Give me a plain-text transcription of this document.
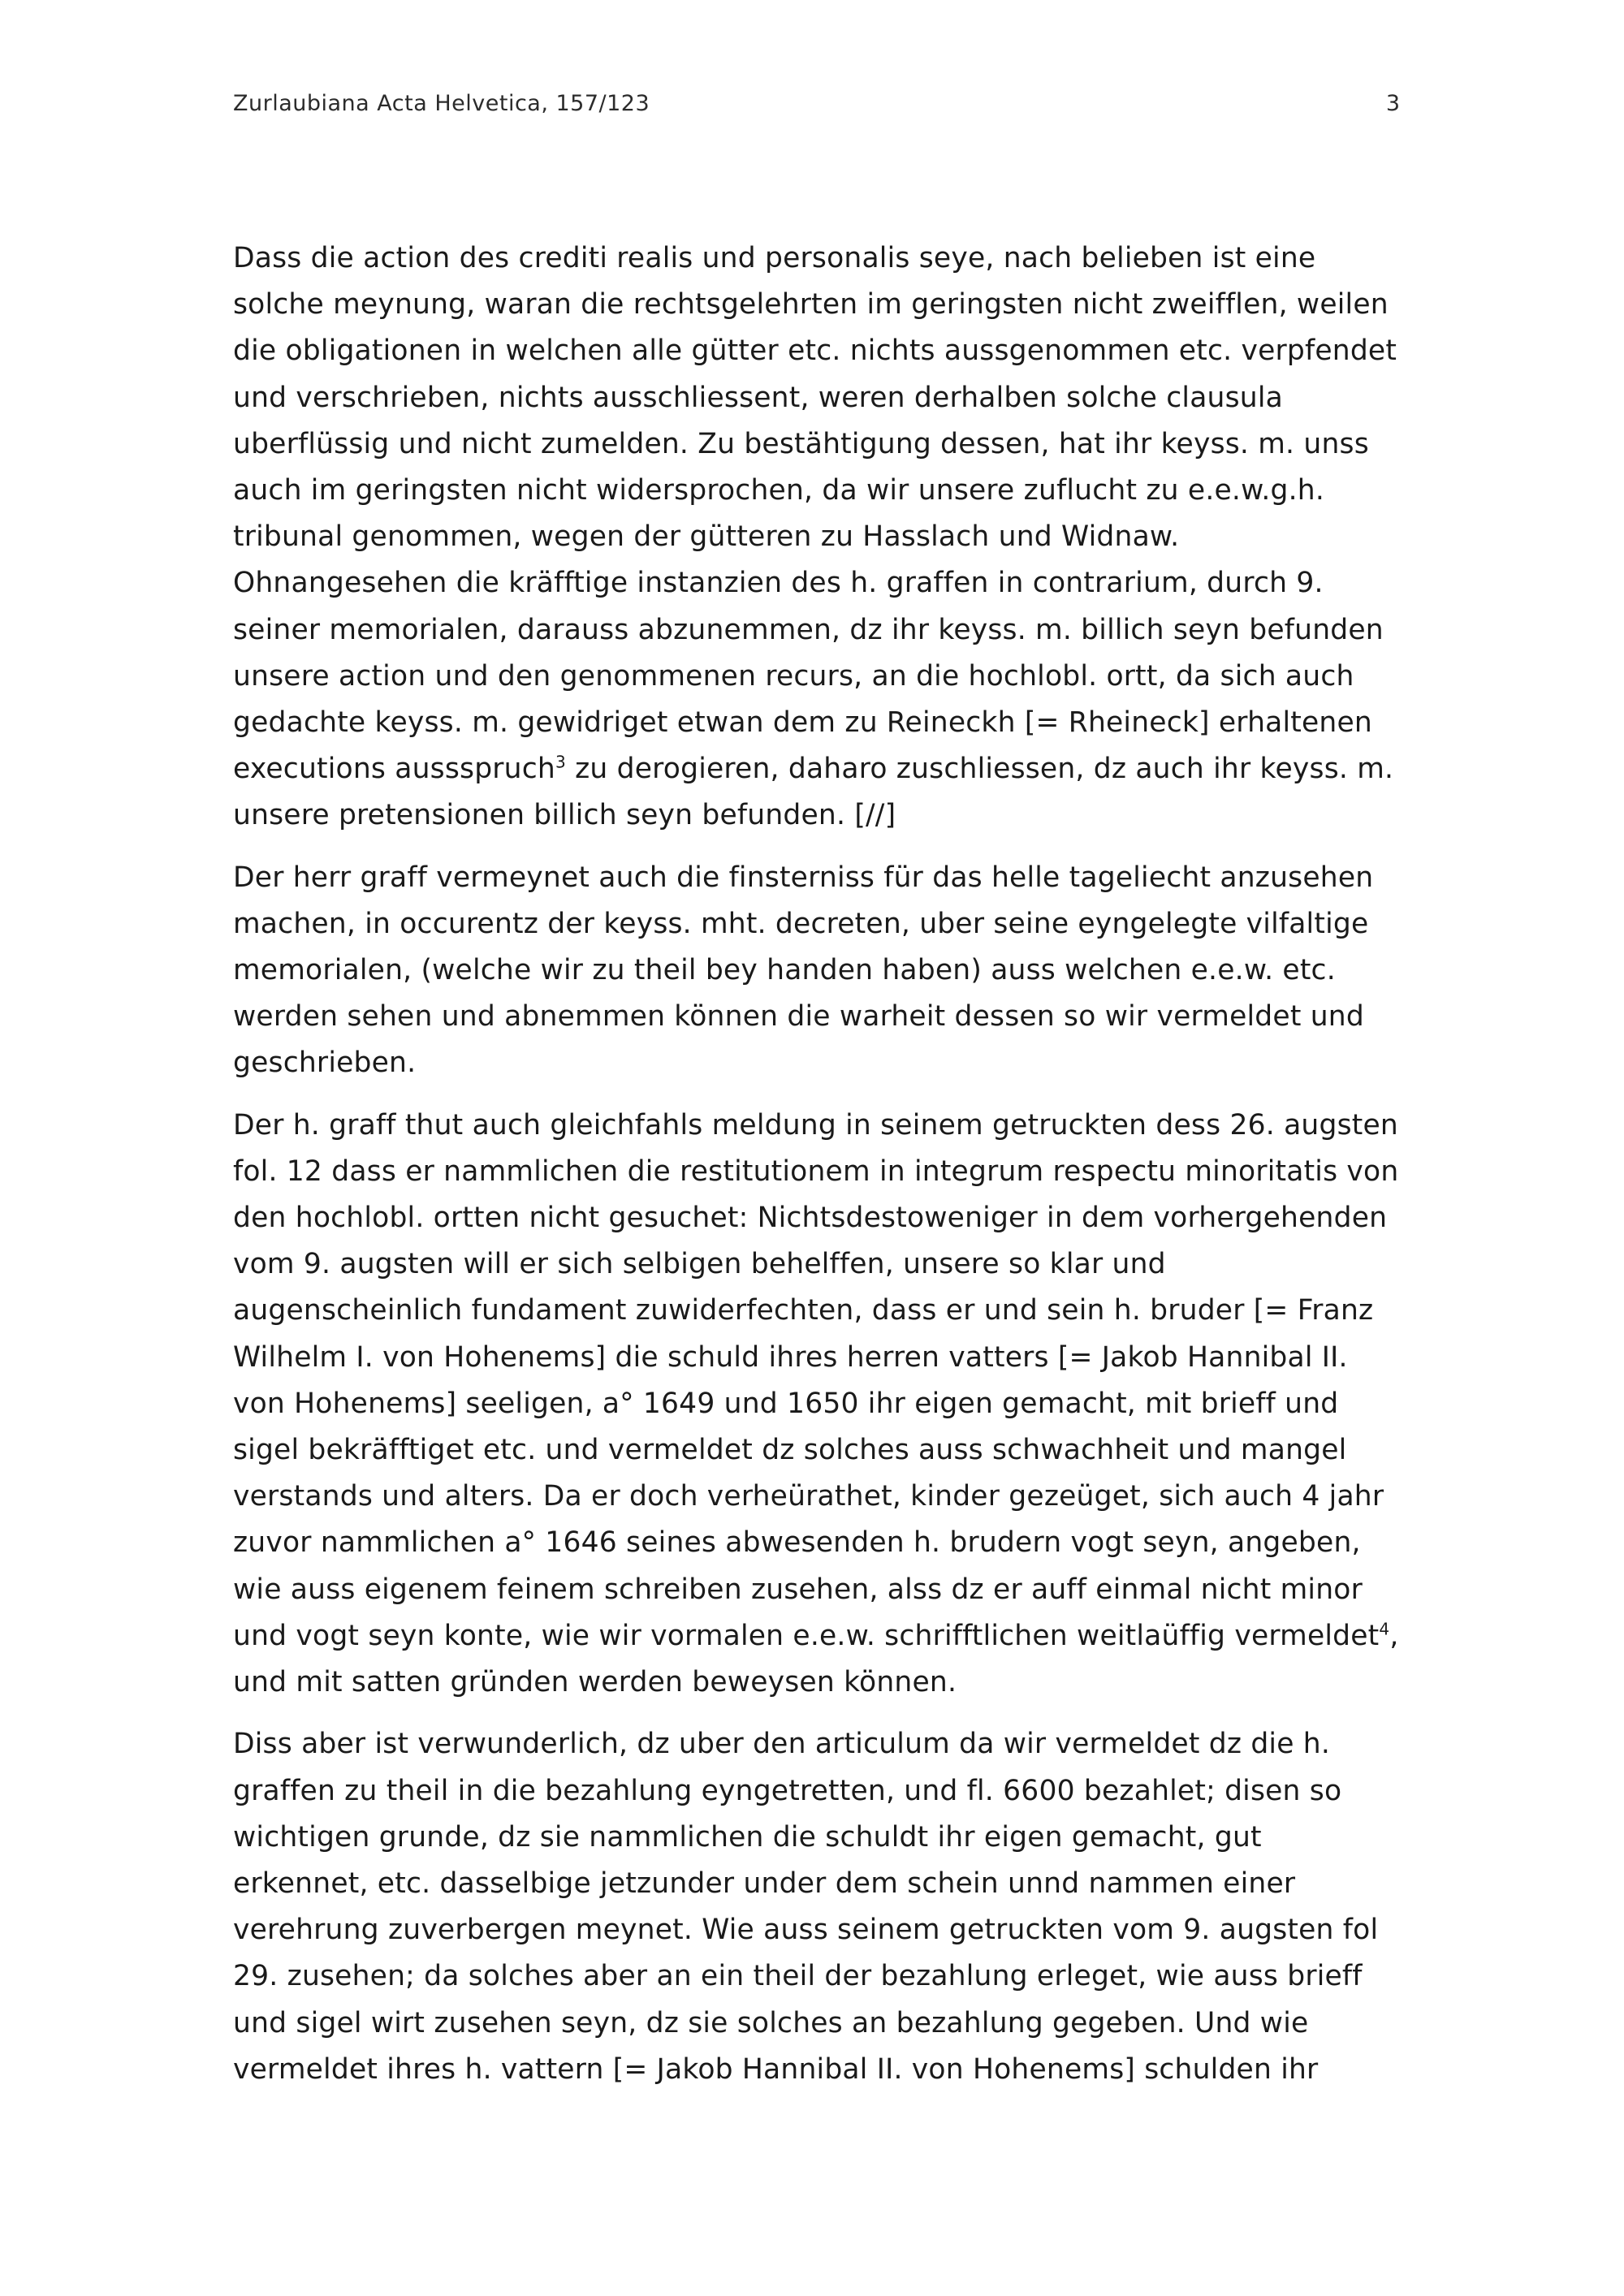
Zurlaubiana Acta Helvetica, 157/123	3

Dass die action des crediti realis und personalis seye, nach belieben ist eine solche meynung, waran die rechtsgelehrten im geringsten nicht zweifflen, weilen die obligationen in welchen alle gütter etc. nichts aussgenommen etc. verpfendet und verschrieben, nichts ausschliessent, weren derhalben solche clausula uberflüssig und nicht zumelden. Zu bestähtigung dessen, hat ihr keyss. m. unss auch im geringsten nicht widersprochen, da wir unsere zuflucht zu e.e.w.g.h. tribunal genommen, wegen der gütteren zu Hasslach und Widnaw. Ohnangesehen die kräfftige instanzien des h. graffen in contrarium, durch 9. seiner memorialen, darauss abzunemmen, dz ihr keyss. m. billich seyn befunden unsere action und den genommenen recurs, an die hochlobl. ortt, da sich auch gedachte keyss. m. gewidriget etwan dem zu Reineckh [= Rheineck] erhaltenen executions aussspruch$^3$ zu derogieren, daharo zuschliessen, dz auch ihr keyss. m. unsere pretensionen billich seyn befunden. [//]

Der herr graff vermeynet auch die finsterniss für das helle tageliecht anzusehen machen, in occurentz der keyss. mht. decreten, uber seine eyngelegte vilfaltige memorialen, (welche wir zu theil bey handen haben) auss welchen e.e.w. etc. werden sehen und abnemmen können die warheit dessen so wir vermeldet und geschrieben.

Der h. graff thut auch gleichfahls meldung in seinem getruckten dess 26. augsten fol. 12 dass er nammlichen die restitutionem in integrum respectu minoritatis von den hochlobl. ortten nicht gesuchet: Nichtsdestoweniger in dem vorhergehenden vom 9. augsten will er sich selbigen behelffen, unsere so klar und augenscheinlich fundament zuwiderfechten, dass er und sein h. bruder [= Franz Wilhelm I. von Hohenems] die schuld ihres herren vatters [= Jakob Hannibal II. von Hohenems] seeligen, a° 1649 und 1650 ihr eigen gemacht, mit brieff und sigel bekräfftiget etc. und vermeldet dz solches auss schwachheit und mangel verstands und alters. Da er doch verheürathet, kinder gezeüget, sich auch 4 jahr zuvor nammlichen a° 1646 seines abwesenden h. brudern vogt seyn, angeben, wie auss eigenem feinem schreiben zusehen, alss dz er auff einmal nicht minor und vogt seyn konte, wie wir vormalen e.e.w. schrifftlichen weitlaüffig vermeldet$^4$, und mit satten gründen werden beweysen können.

Diss aber ist verwunderlich, dz uber den articulum da wir vermeldet dz die h. graffen zu theil in die bezahlung eyngetretten, und fl. 6600 bezahlet; disen so wichtigen grunde, dz sie nammlichen die schuldt ihr eigen gemacht, gut erkennet, etc. dasselbige jetzunder under dem schein unnd nammen einer verehrung zuverbergen meynet. Wie auss seinem getruckten vom 9. augsten fol 29. zusehen; da solches aber an ein theil der bezahlung erleget, wie auss brieff und sigel wirt zusehen seyn, dz sie solches an bezahlung gegeben. Und wie vermeldet ihres h. vattern [= Jakob Hannibal II. von Hohenems] schulden ihr
